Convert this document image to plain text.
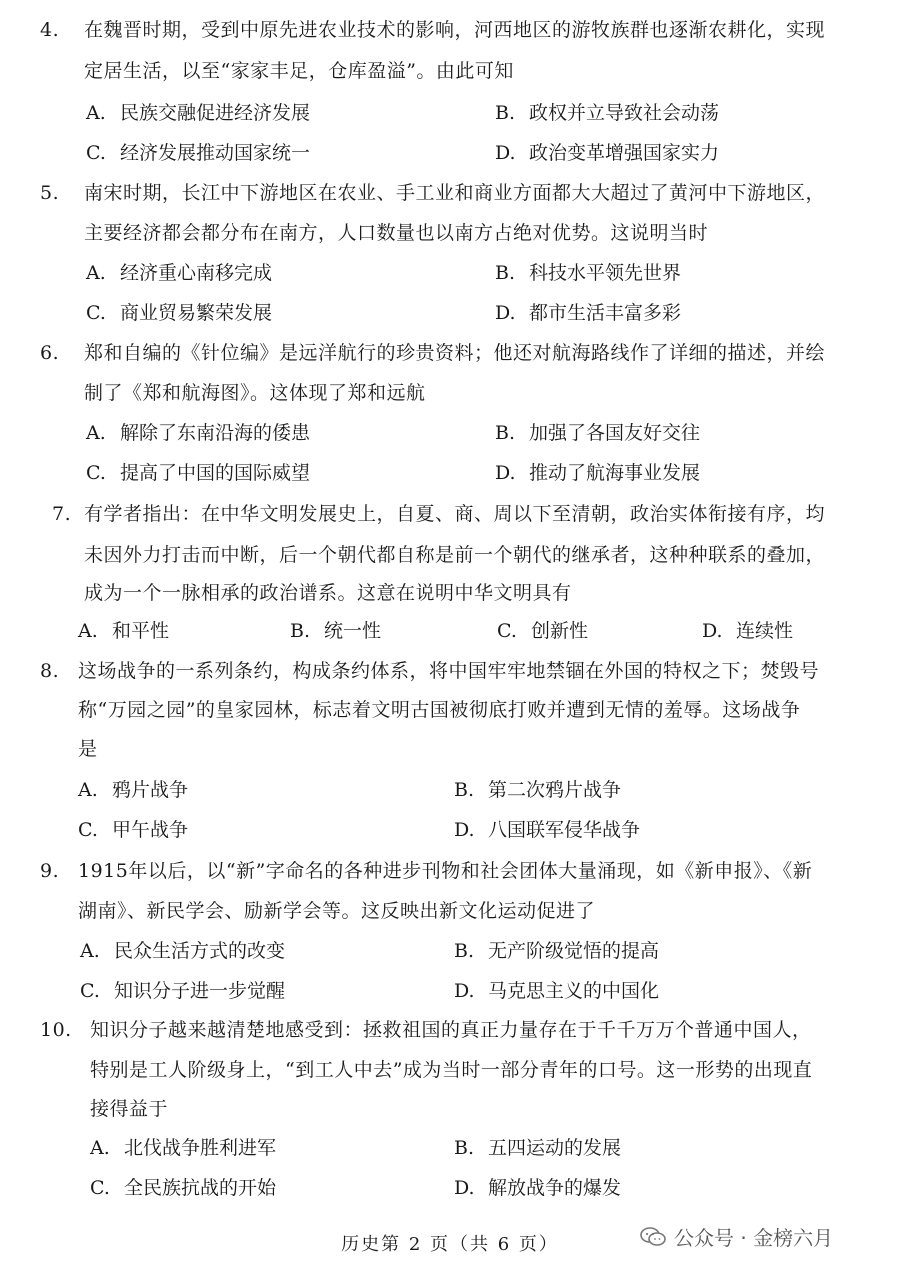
4. 在魏晋时期，受到中原先进农业技术的影响，河西地区的游牧族群也逐渐农耕化，实现
定居生活，以至“家家丰足，仓库盈溢”。由此可知
A. 民族交融促进经济发展	B. 政权并立导致社会动荡
C. 经济发展推动国家统一	D. 政治变革增强国家实力
5. 南宋时期，长江中下游地区在农业、手工业和商业方面都大大超过了黄河中下游地区，
主要经济都会都分布在南方，人口数量也以南方占绝对优势。这说明当时
A. 经济重心南移完成	B. 科技水平领先世界
C. 商业贸易繁荣发展	D. 都市生活丰富多彩
6. 郑和自编的《针位编》是远洋航行的珍贵资料；他还对航海路线作了详细的描述，并绘
制了《郑和航海图》。这体现了郑和远航
A. 解除了东南沿海的倭患	B. 加强了各国友好交往
C. 提高了中国的国际威望	D. 推动了航海事业发展
7. 有学者指出：在中华文明发展史上，自夏、商、周以下至清朝，政治实体衔接有序，均
未因外力打击而中断，后一个朝代都自称是前一个朝代的继承者，这种种联系的叠加，
成为一个一脉相承的政治谱系。这意在说明中华文明具有
A. 和平性	B. 统一性	C. 创新性	D. 连续性
8. 这场战争的一系列条约，构成条约体系，将中国牢牢地禁锢在外国的特权之下；焚毁号
称“万园之园”的皇家园林，标志着文明古国被彻底打败并遭到无情的羞辱。这场战争
是
A. 鸦片战争	B. 第二次鸦片战争
C. 甲午战争	D. 八国联军侵华战争
9. 1915年以后，以“新”字命名的各种进步刊物和社会团体大量涌现，如《新申报》、《新
湖南》、新民学会、励新学会等。这反映出新文化运动促进了
A. 民众生活方式的改变	B. 无产阶级觉悟的提高
C. 知识分子进一步觉醒	D. 马克思主义的中国化
10. 知识分子越来越清楚地感受到：拯救祖国的真正力量存在于千千万万个普通中国人，
特别是工人阶级身上，“到工人中去”成为当时一部分青年的口号。这一形势的出现直
接得益于
A. 北伐战争胜利进军	B. 五四运动的发展
C. 全民族抗战的开始	D. 解放战争的爆发
历史第 2 页（共 6 页）	公众号 · 金榜六月
